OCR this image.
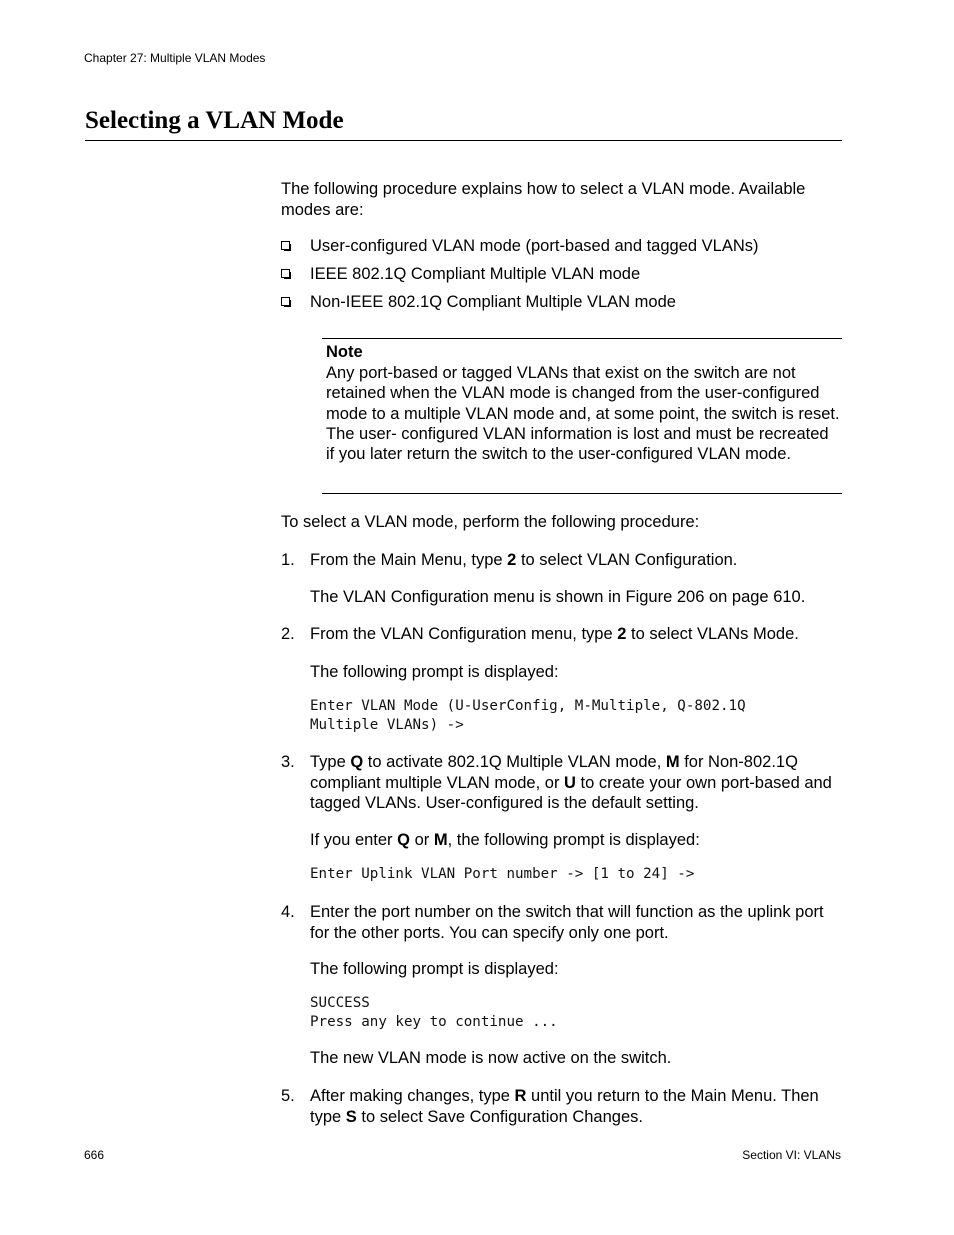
Chapter 27: Multiple VLAN Modes
Selecting a VLAN Mode
The following procedure explains how to select a VLAN mode. Available modes are:
User-configured VLAN mode (port-based and tagged VLANs)
IEEE 802.1Q Compliant Multiple VLAN mode
Non-IEEE 802.1Q Compliant Multiple VLAN mode
Note
Any port-based or tagged VLANs that exist on the switch are not retained when the VLAN mode is changed from the user-configured mode to a multiple VLAN mode and, at some point, the switch is reset. The user- configured VLAN information is lost and must be recreated if you later return the switch to the user-configured VLAN mode.
To select a VLAN mode, perform the following procedure:
1. From the Main Menu, type 2 to select VLAN Configuration.
The VLAN Configuration menu is shown in Figure 206 on page 610.
2. From the VLAN Configuration menu, type 2 to select VLANs Mode.
The following prompt is displayed:
Enter VLAN Mode (U-UserConfig, M-Multiple, Q-802.1Q
Multiple VLANs) ->
3. Type Q to activate 802.1Q Multiple VLAN mode, M for Non-802.1Q compliant multiple VLAN mode, or U to create your own port-based and tagged VLANs. User-configured is the default setting.
If you enter Q or M, the following prompt is displayed:
Enter Uplink VLAN Port number -> [1 to 24] ->
4. Enter the port number on the switch that will function as the uplink port for the other ports. You can specify only one port.
The following prompt is displayed:
SUCCESS
Press any key to continue ...
The new VLAN mode is now active on the switch.
5. After making changes, type R until you return to the Main Menu. Then type S to select Save Configuration Changes.
666	Section VI: VLANs
